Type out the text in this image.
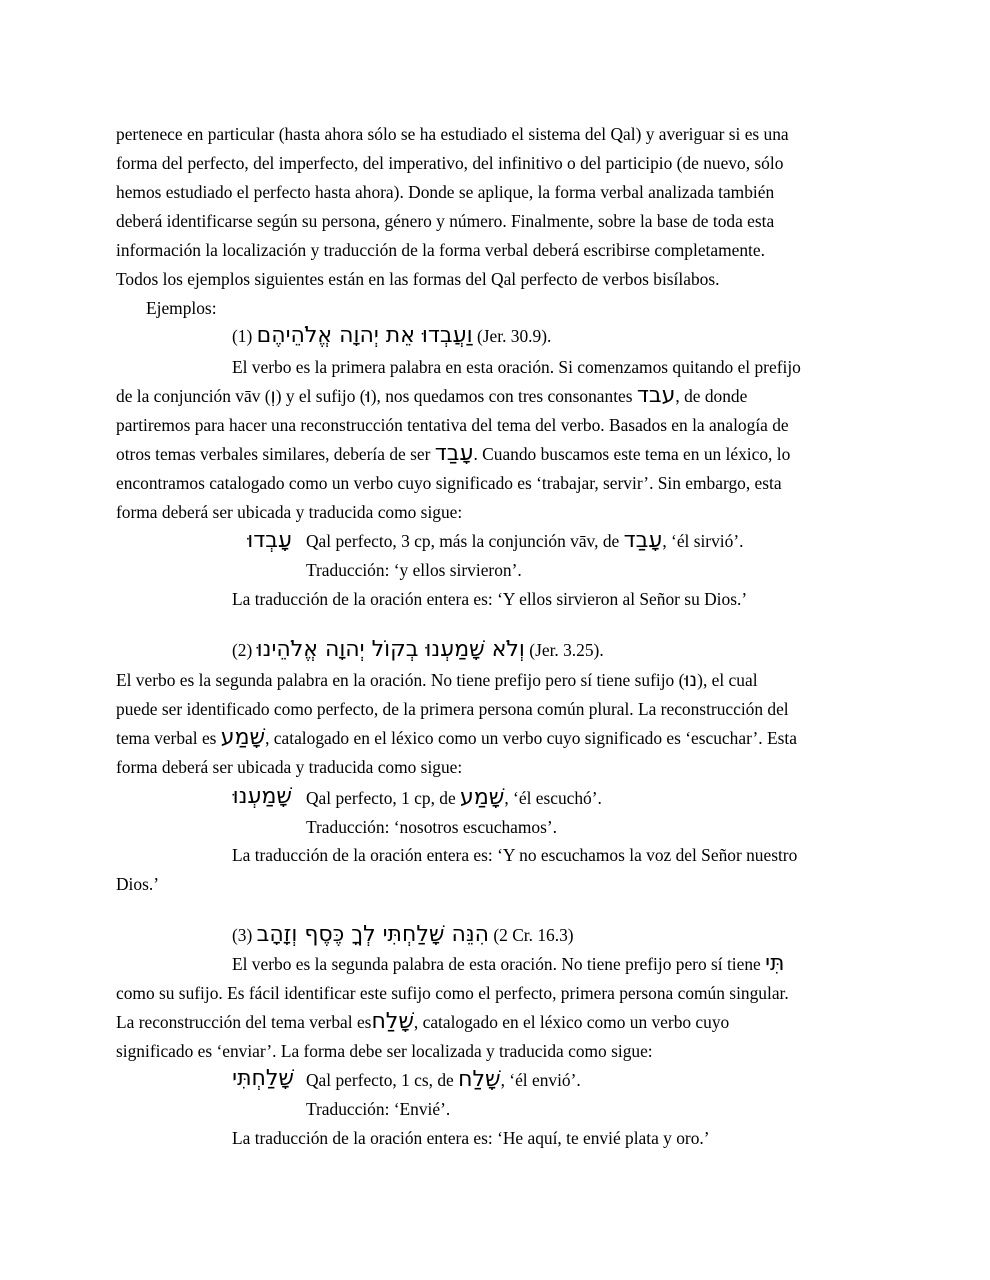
pertenece en particular (hasta ahora sólo se ha estudiado el sistema del Qal) y averiguar si es una
forma del perfecto, del imperfecto, del imperativo, del infinitivo o del participio (de nuevo, sólo
hemos estudiado el perfecto hasta ahora). Donde se aplique, la forma verbal analizada también
deberá identificarse según su persona, género y número. Finalmente, sobre la base de toda esta
información la localización y traducción de la forma verbal deberá escribirse completamente.
Todos los ejemplos siguientes están en las formas del Qal perfecto de verbos bisílabos.
Ejemplos:
(1) וַעֲבְדוּ אֵת יְהוָה אֱלֹהֵיהֶם (Jer. 30.9).
El verbo es la primera palabra en esta oración. Si comenzamos quitando el prefijo
de la conjunción vāv (וְ) y el sufijo (וּ), nos quedamos con tres consonantes עבד, de donde
partiremos para hacer una reconstrucción tentativa del tema del verbo. Basados en la analogía de
otros temas verbales similares, debería de ser עָבַד. Cuando buscamos este tema en un léxico, lo
encontramos catalogado como un verbo cuyo significado es ‘trabajar, servir’. Sin embargo, esta
forma deberá ser ubicada y traducida como sigue:
עָבְדוּ Qal perfecto, 3 cp, más la conjunción vāv, de עָבַד, ‘él sirvió’.
Traducción: ‘y ellos sirvieron’.
La traducción de la oración entera es: ‘Y ellos sirvieron al Señor su Dios.’
(2) וְלֹא שָׁמַעְנוּ בְקוֹל יְהוָה אֱלֹהֵינוּ (Jer. 3.25).
El verbo es la segunda palabra en la oración. No tiene prefijo pero sí tiene sufijo (נוּ), el cual
puede ser identificado como perfecto, de la primera persona común plural. La reconstrucción del
tema verbal es שָׁמַע, catalogado en el léxico como un verbo cuyo significado es ‘escuchar’. Esta
forma deberá ser ubicada y traducida como sigue:
שָׁמַעְנוּ Qal perfecto, 1 cp, de שָׁמַע, ‘él escuchó’.
Traducción: ‘nosotros escuchamos’.
La traducción de la oración entera es: ‘Y no escuchamos la voz del Señor nuestro
Dios.’
(3) הִנֵּה שָׁלַחְתִּי לְךָ כֶּסֶף וְזָהָב (2 Cr. 16.3)
El verbo es la segunda palabra de esta oración. No tiene prefijo pero sí tiene תִּי
como su sufijo. Es fácil identificar este sufijo como el perfecto, primera persona común singular.
La reconstrucción del tema verbal esשָׁלַח, catalogado en el léxico como un verbo cuyo
significado es ‘enviar’. La forma debe ser localizada y traducida como sigue:
שָׁלַחְתִּי Qal perfecto, 1 cs, de שָׁלַח, ‘él envió’.
Traducción: ‘Envié’.
La traducción de la oración entera es: ‘He aquí, te envié plata y oro.’
